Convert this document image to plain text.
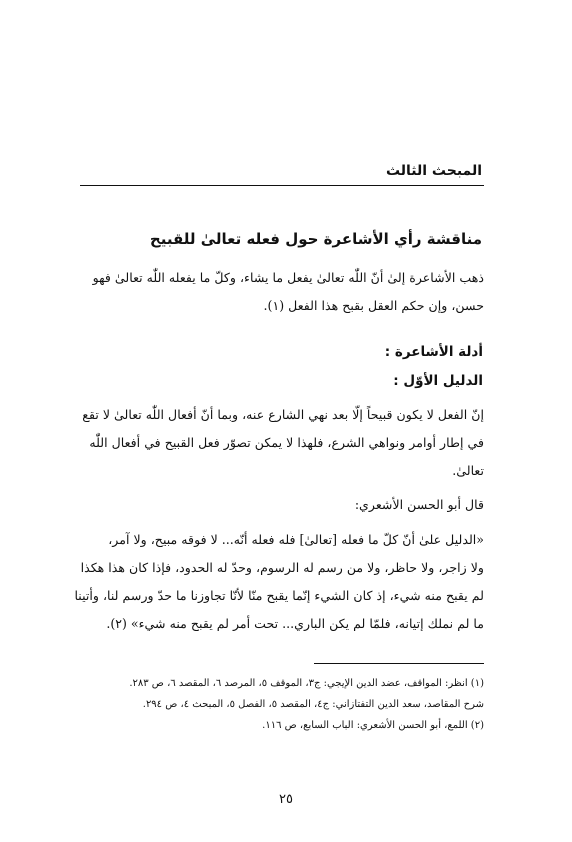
المبحث الثالث
مناقشة رأي الأشاعرة حول فعله تعالىٰ للقبيح
ذهب الأشاعرة إلىٰ أنّ اللّٰه تعالىٰ يفعل ما يشاء، وكلّ ما يفعله اللّٰه تعالىٰ فهو
حسن، وإن حكم العقل بقبح هذا الفعل (١).
أدلة الأشاعرة :
الدليل الأوّل :
إنّ الفعل لا يكون قبيحاً إلّا بعد نهي الشارع عنه، وبما أنّ أفعال اللّٰه تعالىٰ لا تقع
في إطار أوامر ونواهي الشرع، فلهذا لا يمكن تصوّر فعل القبيح في أفعال اللّٰه
تعالىٰ.
قال أبو الحسن الأشعري:
«الدليل علىٰ أنّ كلّ ما فعله [تعالىٰ] فله فعله أنّه... لا فوقه مبيح، ولا آمر،
ولا زاجر، ولا حاظر، ولا من رسم له الرسوم، وحدّ له الحدود، فإذا كان هذا هكذا
لم يقبح منه شيء، إذ كان الشيء إنّما يقبح منّا لأنّا تجاوزنا ما حدّ ورسم لنا، وأتينا
ما لم نملك إتيانه، فلمّا لم يكن الباري... تحت أمر لم يقبح منه شيء» (٢).
(١) انظر: المواقف، عضد الدين الإيجي: ج٣، الموقف ٥، المرصد ٦، المقصد ٦، ص ٢٨٣.
شرح المقاصد، سعد الدين التفتازاني: ج٤، المقصد ٥، الفصل ٥، المبحث ٤، ص ٢٩٤.
(٢) اللمع، أبو الحسن الأشعري: الباب السابع، ص ١١٦.
٢٥
